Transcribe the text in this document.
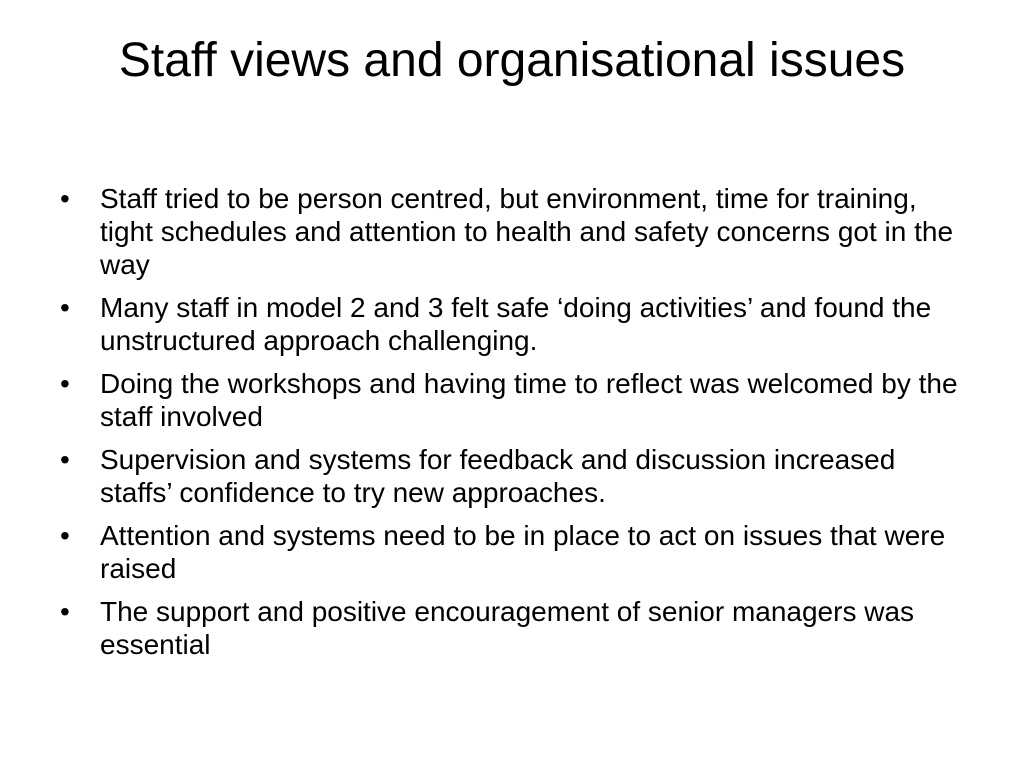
Staff views and organisational issues
•	Staff tried to be person centred, but environment, time for training, tight schedules and attention to health and safety concerns got in the way
•	Many staff in model 2 and 3 felt safe ‘doing activities’ and found the unstructured approach challenging.
•	Doing the workshops and having time to reflect was welcomed by the staff involved
•	Supervision and systems for feedback and discussion increased staffs’ confidence to try new approaches.
•	Attention and systems need to be in place to act on issues that were raised
•	The support and positive encouragement of senior managers was essential
